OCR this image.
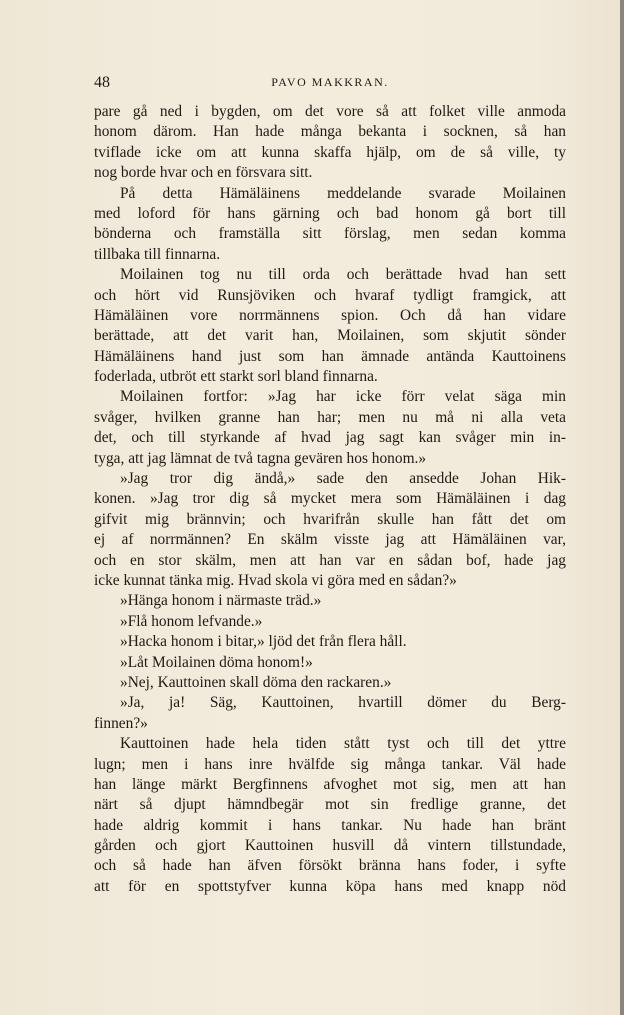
48	PAVO MAKKRAN.
pare gå ned i bygden, om det vore så att folket ville anmoda
honom därom. Han hade många bekanta i socknen, så han
tviflade icke om att kunna skaffa hjälp, om de så ville, ty
nog borde hvar och en försvara sitt.
På detta Hämäläinens meddelande svarade Moilainen
med loford för hans gärning och bad honom gå bort till
bönderna och framställa sitt förslag, men sedan komma
tillbaka till finnarna.
Moilainen tog nu till orda och berättade hvad han sett
och hört vid Runsjöviken och hvaraf tydligt framgick, att
Hämäläinen vore norrmännens spion. Och då han vidare
berättade, att det varit han, Moilainen, som skjutit sönder
Hämäläinens hand just som han ämnade antända Kauttoinens
foderlada, utbröt ett starkt sorl bland finnarna.
Moilainen fortfor: »Jag har icke förr velat säga min
svåger, hvilken granne han har; men nu må ni alla veta
det, och till styrkande af hvad jag sagt kan svåger min in-
tyga, att jag lämnat de två tagna gevären hos honom.»
»Jag tror dig ändå,» sade den ansedde Johan Hik-
konen. »Jag tror dig så mycket mera som Hämäläinen i dag
gifvit mig brännvin; och hvarifrån skulle han fått det om
ej af norrmännen? En skälm visste jag att Hämäläinen var,
och en stor skälm, men att han var en sådan bof, hade jag
icke kunnat tänka mig. Hvad skola vi göra med en sådan?»
»Hänga honom i närmaste träd.»
»Flå honom lefvande.»
»Hacka honom i bitar,» ljöd det från flera håll.
»Låt Moilainen döma honom!»
»Nej, Kauttoinen skall döma den rackaren.»
»Ja, ja! Säg, Kauttoinen, hvartill dömer du Berg-
finnen?»
Kauttoinen hade hela tiden stått tyst och till det yttre
lugn; men i hans inre hvälfde sig många tankar. Väl hade
han länge märkt Bergfinnens afvoghet mot sig, men att han
närt så djupt hämndbegär mot sin fredlige granne, det
hade aldrig kommit i hans tankar. Nu hade han bränt
gården och gjort Kauttoinen husvill då vintern tillstundade,
och så hade han äfven försökt bränna hans foder, i syfte
att för en spottstyfver kunna köpa hans med knapp nöd
